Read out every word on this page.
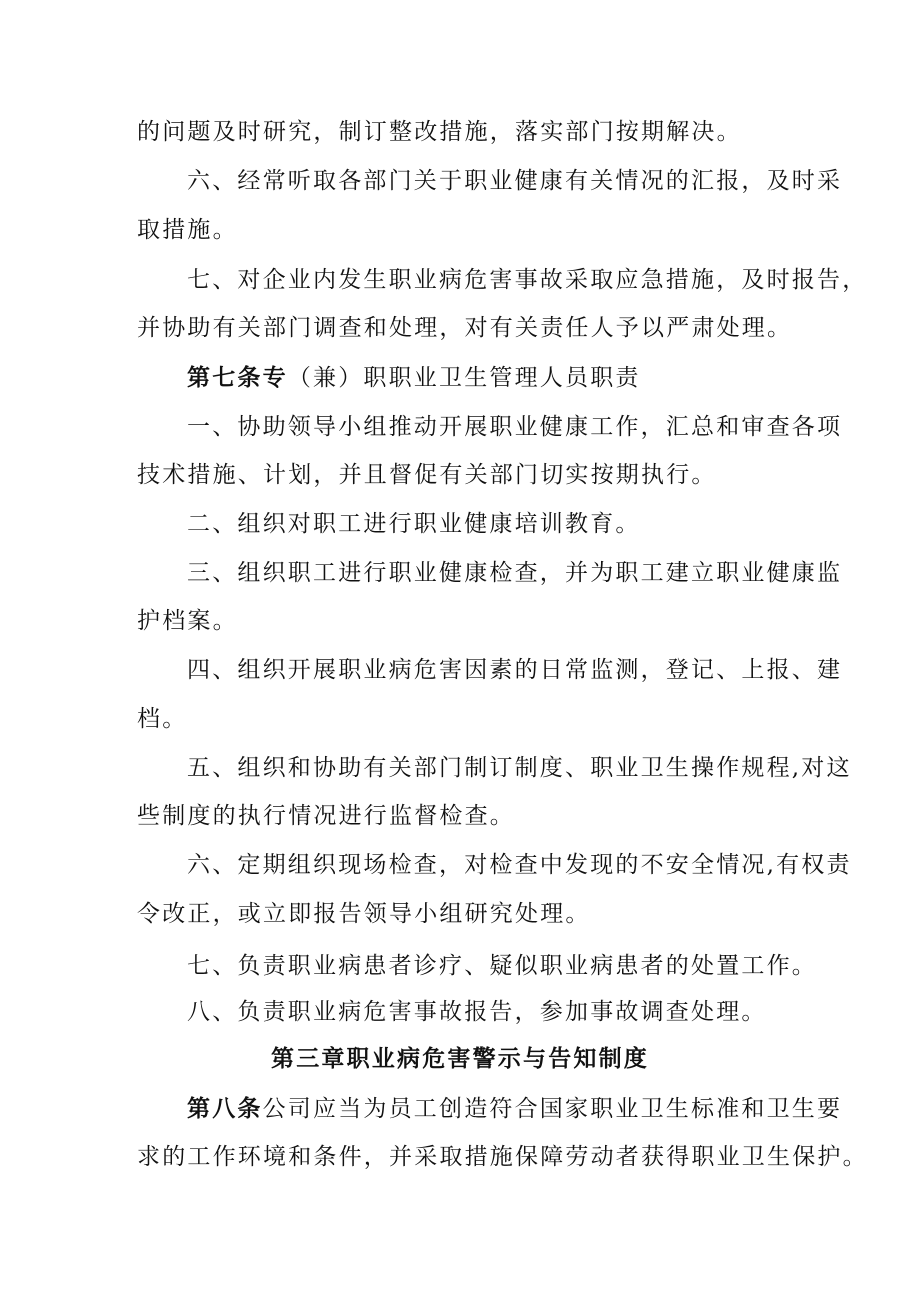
的问题及时研究，制订整改措施，落实部门按期解决。
六、经常听取各部门关于职业健康有关情况的汇报，及时采
取措施。
七、对企业内发生职业病危害事故采取应急措施，及时报告，
并协助有关部门调查和处理，对有关责任人予以严肃处理。
第七条专（兼）职职业卫生管理人员职责
一、协助领导小组推动开展职业健康工作，汇总和审查各项
技术措施、计划，并且督促有关部门切实按期执行。
二、组织对职工进行职业健康培训教育。
三、组织职工进行职业健康检查，并为职工建立职业健康监
护档案。
四、组织开展职业病危害因素的日常监测，登记、上报、建
档。
五、组织和协助有关部门制订制度、职业卫生操作规程,对这
些制度的执行情况进行监督检查。
六、定期组织现场检查，对检查中发现的不安全情况,有权责
令改正，或立即报告领导小组研究处理。
七、负责职业病患者诊疗、疑似职业病患者的处置工作。
八、负责职业病危害事故报告，参加事故调查处理。
第三章职业病危害警示与告知制度
第八条公司应当为员工创造符合国家职业卫生标准和卫生要
求的工作环境和条件，并采取措施保障劳动者获得职业卫生保护。
